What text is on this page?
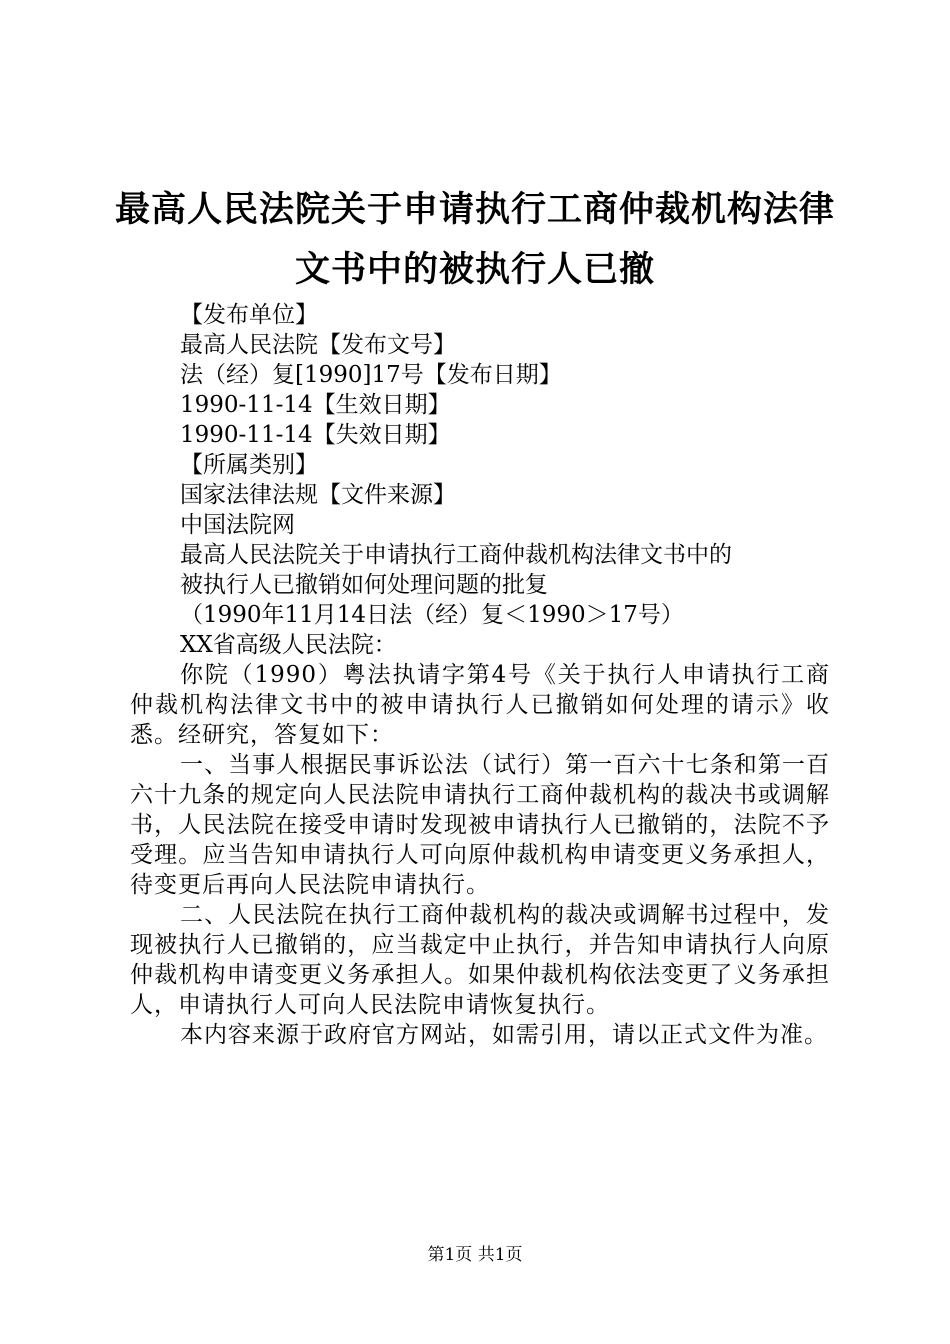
最高人民法院关于申请执行工商仲裁机构法律
文书中的被执行人已撤
【发布单位】
最高人民法院【发布文号】
法（经）复[1990]17号【发布日期】
1990-11-14【生效日期】
1990-11-14【失效日期】
【所属类别】
国家法律法规【文件来源】
中国法院网
最高人民法院关于申请执行工商仲裁机构法律文书中的
被执行人已撤销如何处理问题的批复
（1990年11月14日法（经）复＜1990＞17号）
XX省高级人民法院：

你院（1990）粤法执请字第4号《关于执行人申请执行工商仲裁机构法律文书中的被申请执行人已撤销如何处理的请示》收悉。经研究，答复如下：

一、当事人根据民事诉讼法（试行）第一百六十七条和第一百六十九条的规定向人民法院申请执行工商仲裁机构的裁决书或调解书，人民法院在接受申请时发现被申请执行人已撤销的，法院不予受理。应当告知申请执行人可向原仲裁机构申请变更义务承担人，待变更后再向人民法院申请执行。

二、人民法院在执行工商仲裁机构的裁决或调解书过程中，发现被执行人已撤销的，应当裁定中止执行，并告知申请执行人向原仲裁机构申请变更义务承担人。如果仲裁机构依法变更了义务承担人，申请执行人可向人民法院申请恢复执行。

本内容来源于政府官方网站，如需引用，请以正式文件为准。

第1页 共1页
